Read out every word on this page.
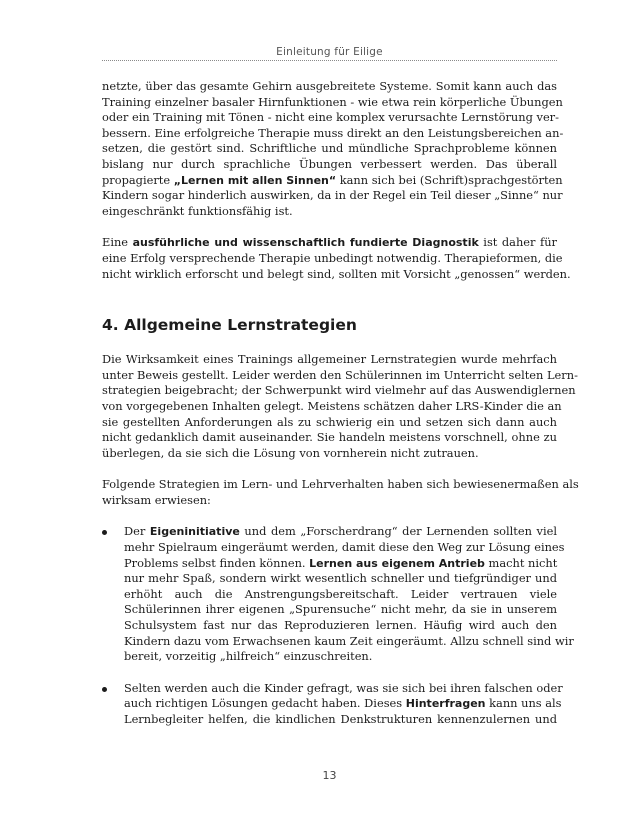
Einleitung für Eilige

netzte, über das gesamte Gehirn ausgebreitete Systeme. Somit kann auch das
Training einzelner basaler Hirnfunktionen - wie etwa rein körperliche Übungen
oder ein Training mit Tönen - nicht eine komplex verursachte Lernstörung ver-
bessern. Eine erfolgreiche Therapie muss direkt an den Leistungsbereichen an-
setzen, die gestört sind. Schriftliche und mündliche Sprachprobleme können
bislang nur durch sprachliche Übungen verbessert werden. Das überall
propagierte „Lernen mit allen Sinnen“ kann sich bei (Schrift)sprachgestörten
Kindern sogar hinderlich auswirken, da in der Regel ein Teil dieser „Sinne“ nur
eingeschränkt funktionsfähig ist.

Eine ausführliche und wissenschaftlich fundierte Diagnostik ist daher für
eine Erfolg versprechende Therapie unbedingt notwendig. Therapieformen, die
nicht wirklich erforscht und belegt sind, sollten mit Vorsicht „genossen“ werden.

4. Allgemeine Lernstrategien

Die Wirksamkeit eines Trainings allgemeiner Lernstrategien wurde mehrfach
unter Beweis gestellt. Leider werden den Schülerinnen im Unterricht selten Lern-
strategien beigebracht; der Schwerpunkt wird vielmehr auf das Auswendiglernen
von vorgegebenen Inhalten gelegt. Meistens schätzen daher LRS-Kinder die an
sie gestellten Anforderungen als zu schwierig ein und setzen sich dann auch
nicht gedanklich damit auseinander. Sie handeln meistens vorschnell, ohne zu
überlegen, da sie sich die Lösung von vornherein nicht zutrauen.

Folgende Strategien im Lern- und Lehrverhalten haben sich bewiesenermaßen als
wirksam erwiesen:

Der Eigeninitiative und dem „Forscherdrang“ der Lernenden sollten viel
mehr Spielraum eingeräumt werden, damit diese den Weg zur Lösung eines
Problems selbst finden können. Lernen aus eigenem Antrieb macht nicht
nur mehr Spaß, sondern wirkt wesentlich schneller und tiefgründiger und
erhöht auch die Anstrengungsbereitschaft. Leider vertrauen viele
Schülerinnen ihrer eigenen „Spurensuche“ nicht mehr, da sie in unserem
Schulsystem fast nur das Reproduzieren lernen. Häufig wird auch den
Kindern dazu vom Erwachsenen kaum Zeit eingeräumt. Allzu schnell sind wir
bereit, vorzeitig „hilfreich“ einzuschreiten.

Selten werden auch die Kinder gefragt, was sie sich bei ihren falschen oder
auch richtigen Lösungen gedacht haben. Dieses Hinterfragen kann uns als
Lernbegleiter helfen, die kindlichen Denkstrukturen kennenzulernen und

13
